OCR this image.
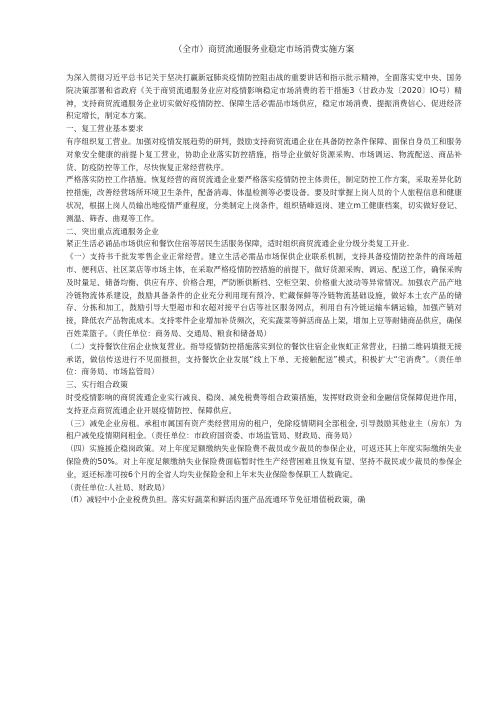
（全市）商贸流通服务业稳定市场消费实施方案

为深入贯彻习近平总书记关于坚决打赢新冠肺炎疫情防控阻击战的重要讲话和指示批示精神，全面落实党中央、国务院决策部署和省政府《关于商贸流通服务业应对疫情影响稳定市场消费的若干措施3（甘政办发〔2020〕IO号）精神，支持商贸流通服务企业切实做好疫情防控、保障生活必需品市场供应，稳定市场消费、提振消费信心、促进经济积定增长，制定本方案。

一、复工营业基本要求

有序组织复工营业。加强对疫情发展趋势的研判，鼓励支持商贸流通企业在具备防控条件保障、面保自身员工和服务对象安全健康的前提卜复工营业，协助企业落实防控措施，指导企业做好货源采购、市场调运、物流配送、商品补货、防疫防控等工作，尽快恢复正常经营秩序。

严格落实防控工作措施。恢复经营的商贸流通企业要严格落实疫情防控主体责任，制定防控工作方案，采取差异化防控措施，改善经营场所环境卫生条件，配备消毒、体温检测等必要设备。要及时掌握上岗人员的个人旅程信息和健康状况，根据上岗人员输出地疫情严重程度，分类制定上岗条件，组织错峰返岗、建立m工健康档案，切实做好登记、测温、筛杳、曲观等工作。

二、突出重点流通服务企业

紧正生活必诵品市场供应和餐饮住宿等居民生活服务保障，适时组织商贸流通企业分级分类复工开业.

《一）支持书千批发零售企业正常经营。建立生活必需品市场保供企业联系机制，支持具备疫情防控条件的商场超市、便利店、社区菜店等市场主体，在采取严格疫情防控措施的前提下，做好货源采购、调运、配送工作，确保采购及时量足、储备均衡、供应有序、价格合理，严防断供断档、空柜空架、价格重大波动等异常情况。加强农产品产地冷链物流体系建设，鼓励具备条件的企业充分利用现有预冷、贮藏保鲜等冷链物流基础设施，做好本土农产品的储存、分拣和加工，鼓励引导大型超市和农超对接平台店等社区服务网点，利用自有冷链运输车辆运输，加强产销对接，降低农产品物流成本。支持零件企业增加补货频次，充实蔬菜等鲜活商品上架，增加上豆等耐储商品供应，确保百姓菜篮子。（责任单位：商务局、交通局、粮食和储备局）

（二）支持餐饮住宿企业恢复营业。指导疫情防控措施落实到位的餐饮住宿企业恢虹正常营业，扫描二维码填报无接承诺，做信传送进行不见面报担，支持餐饮企业发展“线上下单、无接触配送”模式，积极扩大“宅消费”。（责任单位：商务局、市场监管局）

三、实行组合政策

时受疫情影响的商贸流通企业实行减良、稳岗、减免税费等组合政策措施，发挥财政资金和金融信贷保障促进作用，支持亚点商贸流通企业开展疫情防控、保障供应。

（三）减免企业房租。承租市属国有资产类经营用房的租户，免除疫情期间全部租金, 引导鼓励其他业主（房东）为租户减免疫情期间租金。（责任单位：市政府国资委、市场监管局、财政局、商务局）

（四）实施援企稳岗政策。对上年度足额缴纳失业保险费不裁员或少裁员的参保企业，可返还其上年度实际缴纳失业保险费的50%。对上年度足额缴纳失业保险费面临暂时性生产经营困难且恢复有望、坚持不裁民或少裁员的参保企业，返还标准可按6个月的全省人均失业保险金和上年末失业保险参保职工人数确定。

（责任单位:人社局、财政局）

（fi）减轻中小企业税费负担。落实好蔬菜和鲜活肉蛋产品流通环节免征增值税政策，确
